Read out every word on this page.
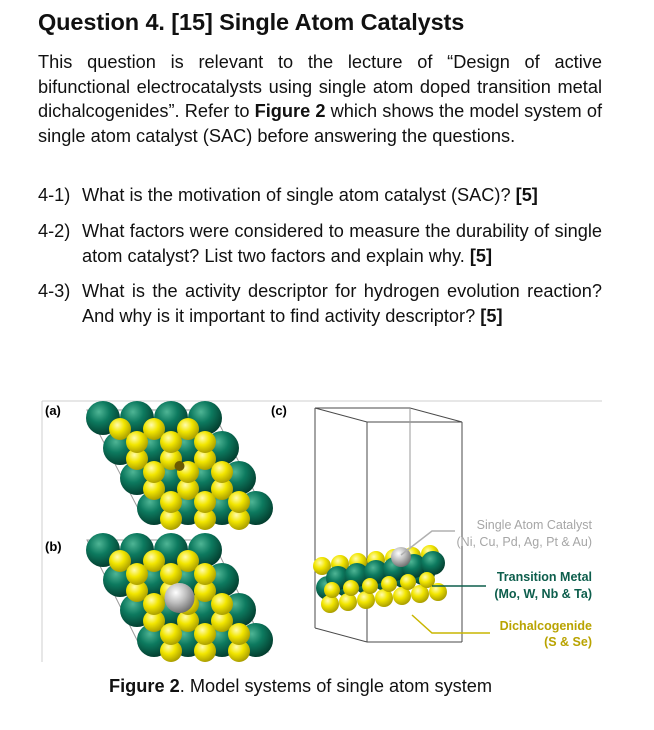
Question 4. [15] Single Atom Catalysts
This question is relevant to the lecture of “Design of active bifunctional electrocatalysts using single atom doped transition metal dichalcogenides”. Refer to Figure 2 which shows the model system of single atom catalyst (SAC) before answering the questions.
4-1) What is the motivation of single atom catalyst (SAC)? [5]
4-2) What factors were considered to measure the durability of single atom catalyst? List two factors and explain why. [5]
4-3) What is the activity descriptor for hydrogen evolution reaction? And why is it important to find activity descriptor? [5]
(a)
(b)
(c)
Single Atom Catalyst
(Ni, Cu, Pd, Ag, Pt & Au)
Transition Metal
(Mo, W, Nb & Ta)
Dichalcogenide
(S & Se)
Figure 2. Model systems of single atom system
